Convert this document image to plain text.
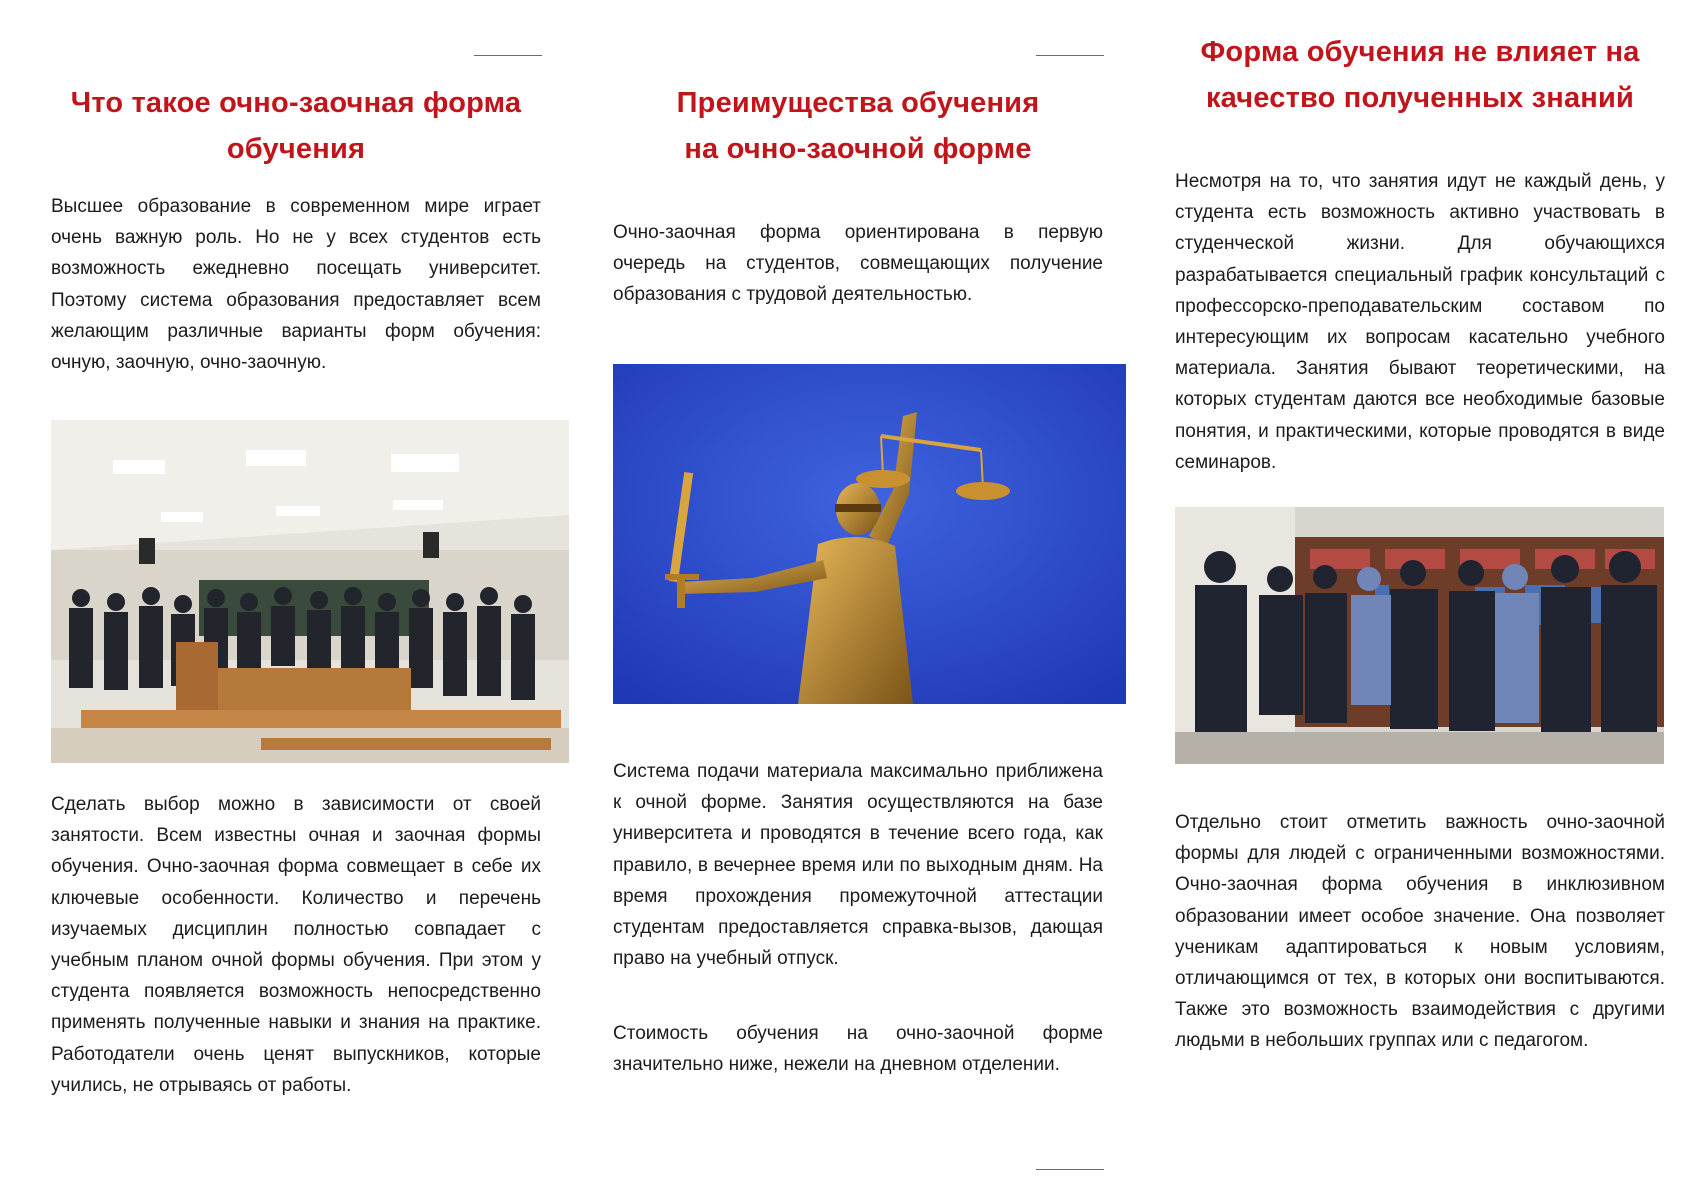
Что такое очно-заочная форма
обучения

Высшее образование в современном мире играет очень важную роль. Но не у всех студентов есть возможность ежедневно посещать университет. Поэтому система образования предоставляет всем желающим различные варианты форм обучения: очную, заочную, очно-заочную.

Сделать выбор можно в зависимости от своей занятости. Всем известны очная и заочная формы обучения. Очно-заочная форма совмещает в себе их ключевые особенности. Количество и перечень изучаемых дисциплин полностью совпадает с учебным планом очной формы обучения. При этом у студента появляется возможность непосредственно применять полученные навыки и знания на практике. Работодатели очень ценят выпускников, которые учились, не отрываясь от работы.

Преимущества обучения
на очно-заочной форме

Очно-заочная форма ориентирована в первую очередь на студентов, совмещающих получение образования с трудовой деятельностью.

Система подачи материала максимально приближена к очной форме. Занятия осуществляются на базе университета и проводятся в течение всего года, как правило, в вечернее время или по выходным дням. На время прохождения промежуточной аттестации студентам предоставляется справка-вызов, дающая право на учебный отпуск.

Стоимость обучения на очно-заочной форме значительно ниже, нежели на дневном отделении.

Форма обучения не влияет на
качество полученных знаний

Несмотря на то, что занятия идут не каждый день, у студента есть возможность активно участвовать в студенческой жизни. Для обучающихся разрабатывается специальный график консультаций с профессорско-преподавательским составом по интересующим их вопросам касательно учебного материала. Занятия бывают теоретическими, на которых студентам даются все необходимые базовые понятия, и практическими, которые проводятся в виде семинаров.

Отдельно стоит отметить важность очно-заочной формы для людей с ограниченными возможностями. Очно-заочная форма обучения в инклюзивном образовании имеет особое значение. Она позволяет ученикам адаптироваться к новым условиям, отличающимся от тех, в которых они воспитываются. Также это возможность взаимодействия с другими людьми в небольших группах или с педагогом.
